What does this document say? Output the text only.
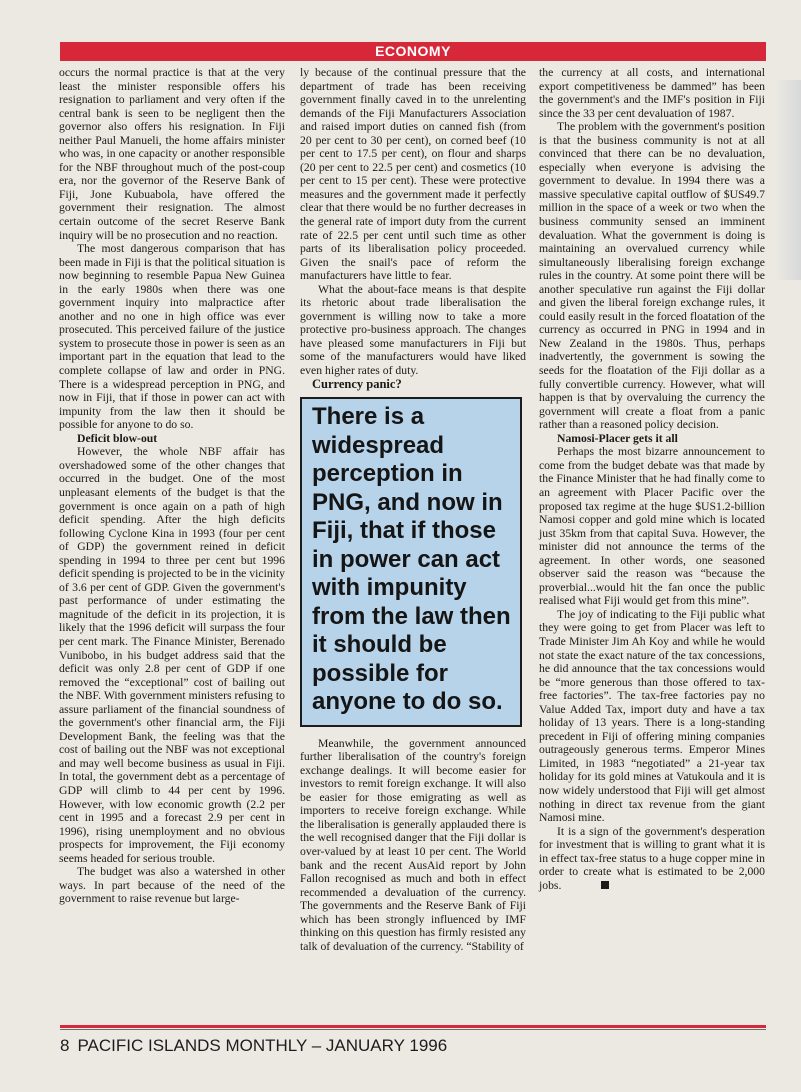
ECONOMY

occurs the normal practice is that at the very least the minister responsible offers his resignation to parliament and very often if the central bank is seen to be negligent then the governor also offers his resignation. In Fiji neither Paul Manueli, the home affairs minister who was, in one capacity or another responsible for the NBF throughout much of the post-coup era, nor the governor of the Reserve Bank of Fiji, Jone Kubuabola, have offered the government their resignation. The almost certain outcome of the secret Reserve Bank inquiry will be no prosecution and no reaction.

The most dangerous comparison that has been made in Fiji is that the political situation is now beginning to resemble Papua New Guinea in the early 1980s when there was one government inquiry into malpractice after another and no one in high office was ever prosecuted. This perceived failure of the justice system to prosecute those in power is seen as an important part in the equation that lead to the complete collapse of law and order in PNG. There is a widespread perception in PNG, and now in Fiji, that if those in power can act with impunity from the law then it should be possible for anyone to do so.

Deficit blow-out

However, the whole NBF affair has overshadowed some of the other changes that occurred in the budget. One of the most unpleasant elements of the budget is that the government is once again on a path of high deficit spending. After the high deficits following Cyclone Kina in 1993 (four per cent of GDP) the government reined in deficit spending in 1994 to three per cent but 1996 deficit spending is projected to be in the vicinity of 3.6 per cent of GDP. Given the government's past performance of under estimating the magnitude of the deficit in its projection, it is likely that the 1996 deficit will surpass the four per cent mark. The Finance Minister, Berenado Vunibobo, in his budget address said that the deficit was only 2.8 per cent of GDP if one removed the “exceptional” cost of bailing out the NBF. With government ministers refusing to assure parliament of the financial soundness of the government's other financial arm, the Fiji Development Bank, the feeling was that the cost of bailing out the NBF was not exceptional and may well become business as usual in Fiji. In total, the government debt as a percentage of GDP will climb to 44 per cent by 1996. However, with low economic growth (2.2 per cent in 1995 and a forecast 2.9 per cent in 1996), rising unemployment and no obvious prospects for improvement, the Fiji economy seems headed for serious trouble.

The budget was also a watershed in other ways. In part because of the need of the government to raise revenue but large-

ly because of the continual pressure that the department of trade has been receiving government finally caved in to the unrelenting demands of the Fiji Manufacturers Association and raised import duties on canned fish (from 20 per cent to 30 per cent), on corned beef (10 per cent to 17.5 per cent), on flour and sharps (20 per cent to 22.5 per cent) and cosmetics (10 per cent to 15 per cent). These were protective measures and the government made it perfectly clear that there would be no further decreases in the general rate of import duty from the current rate of 22.5 per cent until such time as other parts of its liberalisation policy proceeded. Given the snail's pace of reform the manufacturers have little to fear.

What the about-face means is that despite its rhetoric about trade liberalisation the government is willing now to take a more protective pro-business approach. The changes have pleased some manufacturers in Fiji but some of the manufacturers would have liked even higher rates of duty.

Currency panic?

There is a widespread perception in PNG, and now in Fiji, that if those in power can act with impunity from the law then it should be possible for anyone to do so.

Meanwhile, the government announced further liberalisation of the country's foreign exchange dealings. It will become easier for investors to remit foreign exchange. It will also be easier for those emigrating as well as importers to receive foreign exchange. While the liberalisation is generally applauded there is the well recognised danger that the Fiji dollar is over-valued by at least 10 per cent. The World bank and the recent AusAid report by John Fallon recognised as much and both in effect recommended a devaluation of the currency. The governments and the Reserve Bank of Fiji which has been strongly influenced by IMF thinking on this question has firmly resisted any talk of devaluation of the currency. “Stability of

the currency at all costs, and international export competitiveness be dammed” has been the government's and the IMF's position in Fiji since the 33 per cent devaluation of 1987.

The problem with the government's position is that the business community is not at all convinced that there can be no devaluation, especially when everyone is advising the government to devalue. In 1994 there was a massive speculative capital outflow of $US49.7 million in the space of a week or two when the business community sensed an imminent devaluation. What the government is doing is maintaining an overvalued currency while simultaneously liberalising foreign exchange rules in the country. At some point there will be another speculative run against the Fiji dollar and given the liberal foreign exchange rules, it could easily result in the forced floatation of the currency as occurred in PNG in 1994 and in New Zealand in the 1980s. Thus, perhaps inadvertently, the government is sowing the seeds for the floatation of the Fiji dollar as a fully convertible currency. However, what will happen is that by overvaluing the currency the government will create a float from a panic rather than a reasoned policy decision.

Namosi-Placer gets it all

Perhaps the most bizarre announcement to come from the budget debate was that made by the Finance Minister that he had finally come to an agreement with Placer Pacific over the proposed tax regime at the huge $US1.2-billion Namosi copper and gold mine which is located just 35km from that capital Suva. However, the minister did not announce the terms of the agreement. In other words, one seasoned observer said the reason was “because the proverbial...would hit the fan once the public realised what Fiji would get from this mine”.

The joy of indicating to the Fiji public what they were going to get from Placer was left to Trade Minister Jim Ah Koy and while he would not state the exact nature of the tax concessions, he did announce that the tax concessions would be “more generous than those offered to tax-free factories”. The tax-free factories pay no Value Added Tax, import duty and have a tax holiday of 13 years. There is a long-standing precedent in Fiji of offering mining companies outrageously generous terms. Emperor Mines Limited, in 1983 “negotiated” a 21-year tax holiday for its gold mines at Vatukoula and it is now widely understood that Fiji will get almost nothing in direct tax revenue from the giant Namosi mine.

It is a sign of the government's desperation for investment that is willing to grant what it is in effect tax-free status to a huge copper mine in order to create what is estimated to be 2,000 jobs.

8 PACIFIC ISLANDS MONTHLY – JANUARY 1996
